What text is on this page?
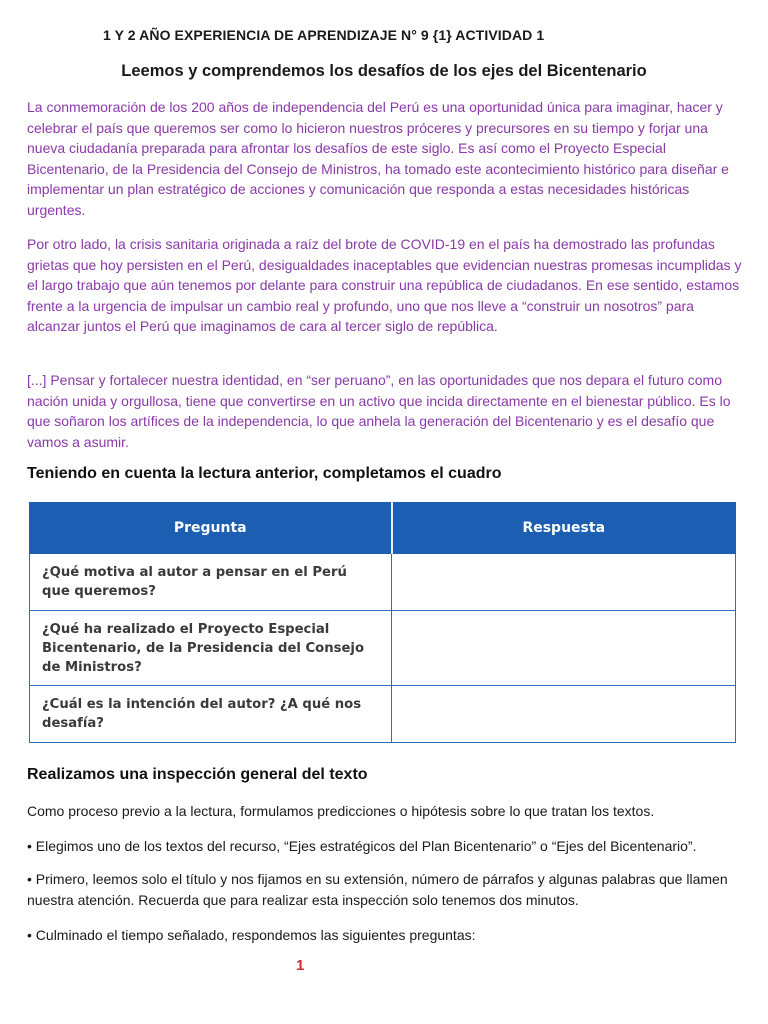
1 Y 2 AÑO EXPERIENCIA DE APRENDIZAJE N° 9 {1} ACTIVIDAD 1
Leemos y comprendemos los desafíos de los ejes del Bicentenario

La conmemoración de los 200 años de independencia del Perú es una oportunidad única para imaginar, hacer y celebrar el país que queremos ser como lo hicieron nuestros próceres y precursores en su tiempo y forjar una nueva ciudadanía preparada para afrontar los desafíos de este siglo. Es así como el Proyecto Especial Bicentenario, de la Presidencia del Consejo de Ministros, ha tomado este acontecimiento histórico para diseñar e implementar un plan estratégico de acciones y comunicación que responda a estas necesidades históricas urgentes.

Por otro lado, la crisis sanitaria originada a raíz del brote de COVID-19 en el país ha demostrado las profundas grietas que hoy persisten en el Perú, desigualdades inaceptables que evidencian nuestras promesas incumplidas y el largo trabajo que aún tenemos por delante para construir una república de ciudadanos. En ese sentido, estamos frente a la urgencia de impulsar un cambio real y profundo, uno que nos lleve a “construir un nosotros” para alcanzar juntos el Perú que imaginamos de cara al tercer siglo de república.

[...] Pensar y fortalecer nuestra identidad, en “ser peruano”, en las oportunidades que nos depara el futuro como nación unida y orgullosa, tiene que convertirse en un activo que incida directamente en el bienestar público. Es lo que soñaron los artífices de la independencia, lo que anhela la generación del Bicentenario y es el desafío que vamos a asumir.

Teniendo en cuenta la lectura anterior, completamos el cuadro
Pregunta	Respuesta
¿Qué motiva al autor a pensar en el Perú que queremos?	
¿Qué ha realizado el Proyecto Especial Bicentenario, de la Presidencia del Consejo de Ministros?	
¿Cuál es la intención del autor? ¿A qué nos desafía?	
Realizamos una inspección general del texto

Como proceso previo a la lectura, formulamos predicciones o hipótesis sobre lo que tratan los textos.

• Elegimos uno de los textos del recurso, “Ejes estratégicos del Plan Bicentenario” o “Ejes del Bicentenario”.

• Primero, leemos solo el título y nos fijamos en su extensión, número de párrafos y algunas palabras que llamen nuestra atención. Recuerda que para realizar esta inspección solo tenemos dos minutos.

• Culminado el tiempo señalado, respondemos las siguientes preguntas:

1
